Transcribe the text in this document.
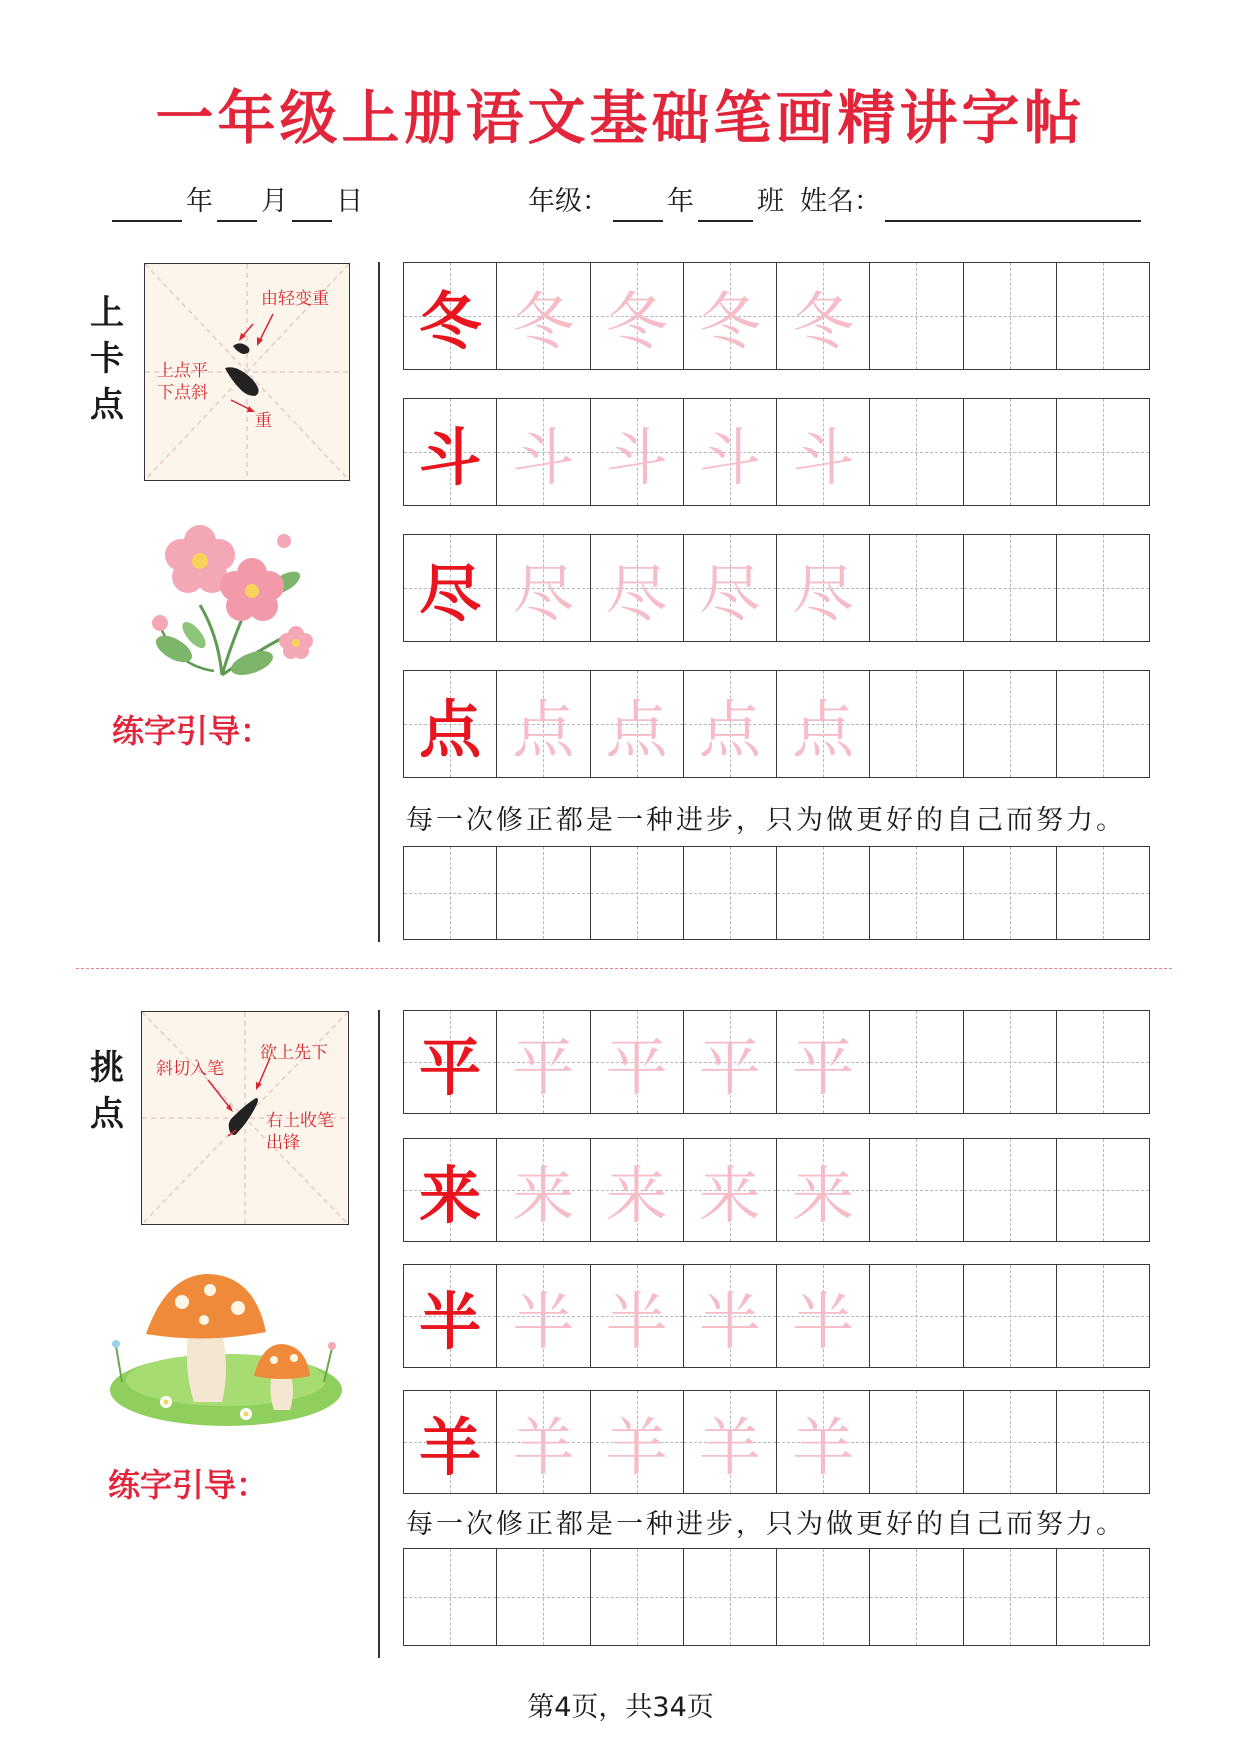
一年级上册语文基础笔画精讲字帖
年 月 日	年级： 年 班 姓名：
上
卡
点
由轻变重
上点平
下点斜
重
练字引导：
冬 冬 冬 冬 冬
斗 斗 斗 斗 斗
尽 尽 尽 尽 尽
点 点 点 点 点
每一次修正都是一种进步，只为做更好的自己而努力。
挑
点
斜切入笔
欲上先下
右上收笔
出锋
练字引导：
平 平 平 平 平
来 来 来 来 来
半 半 半 半 半
羊 羊 羊 羊 羊
每一次修正都是一种进步，只为做更好的自己而努力。
第4页，共34页
